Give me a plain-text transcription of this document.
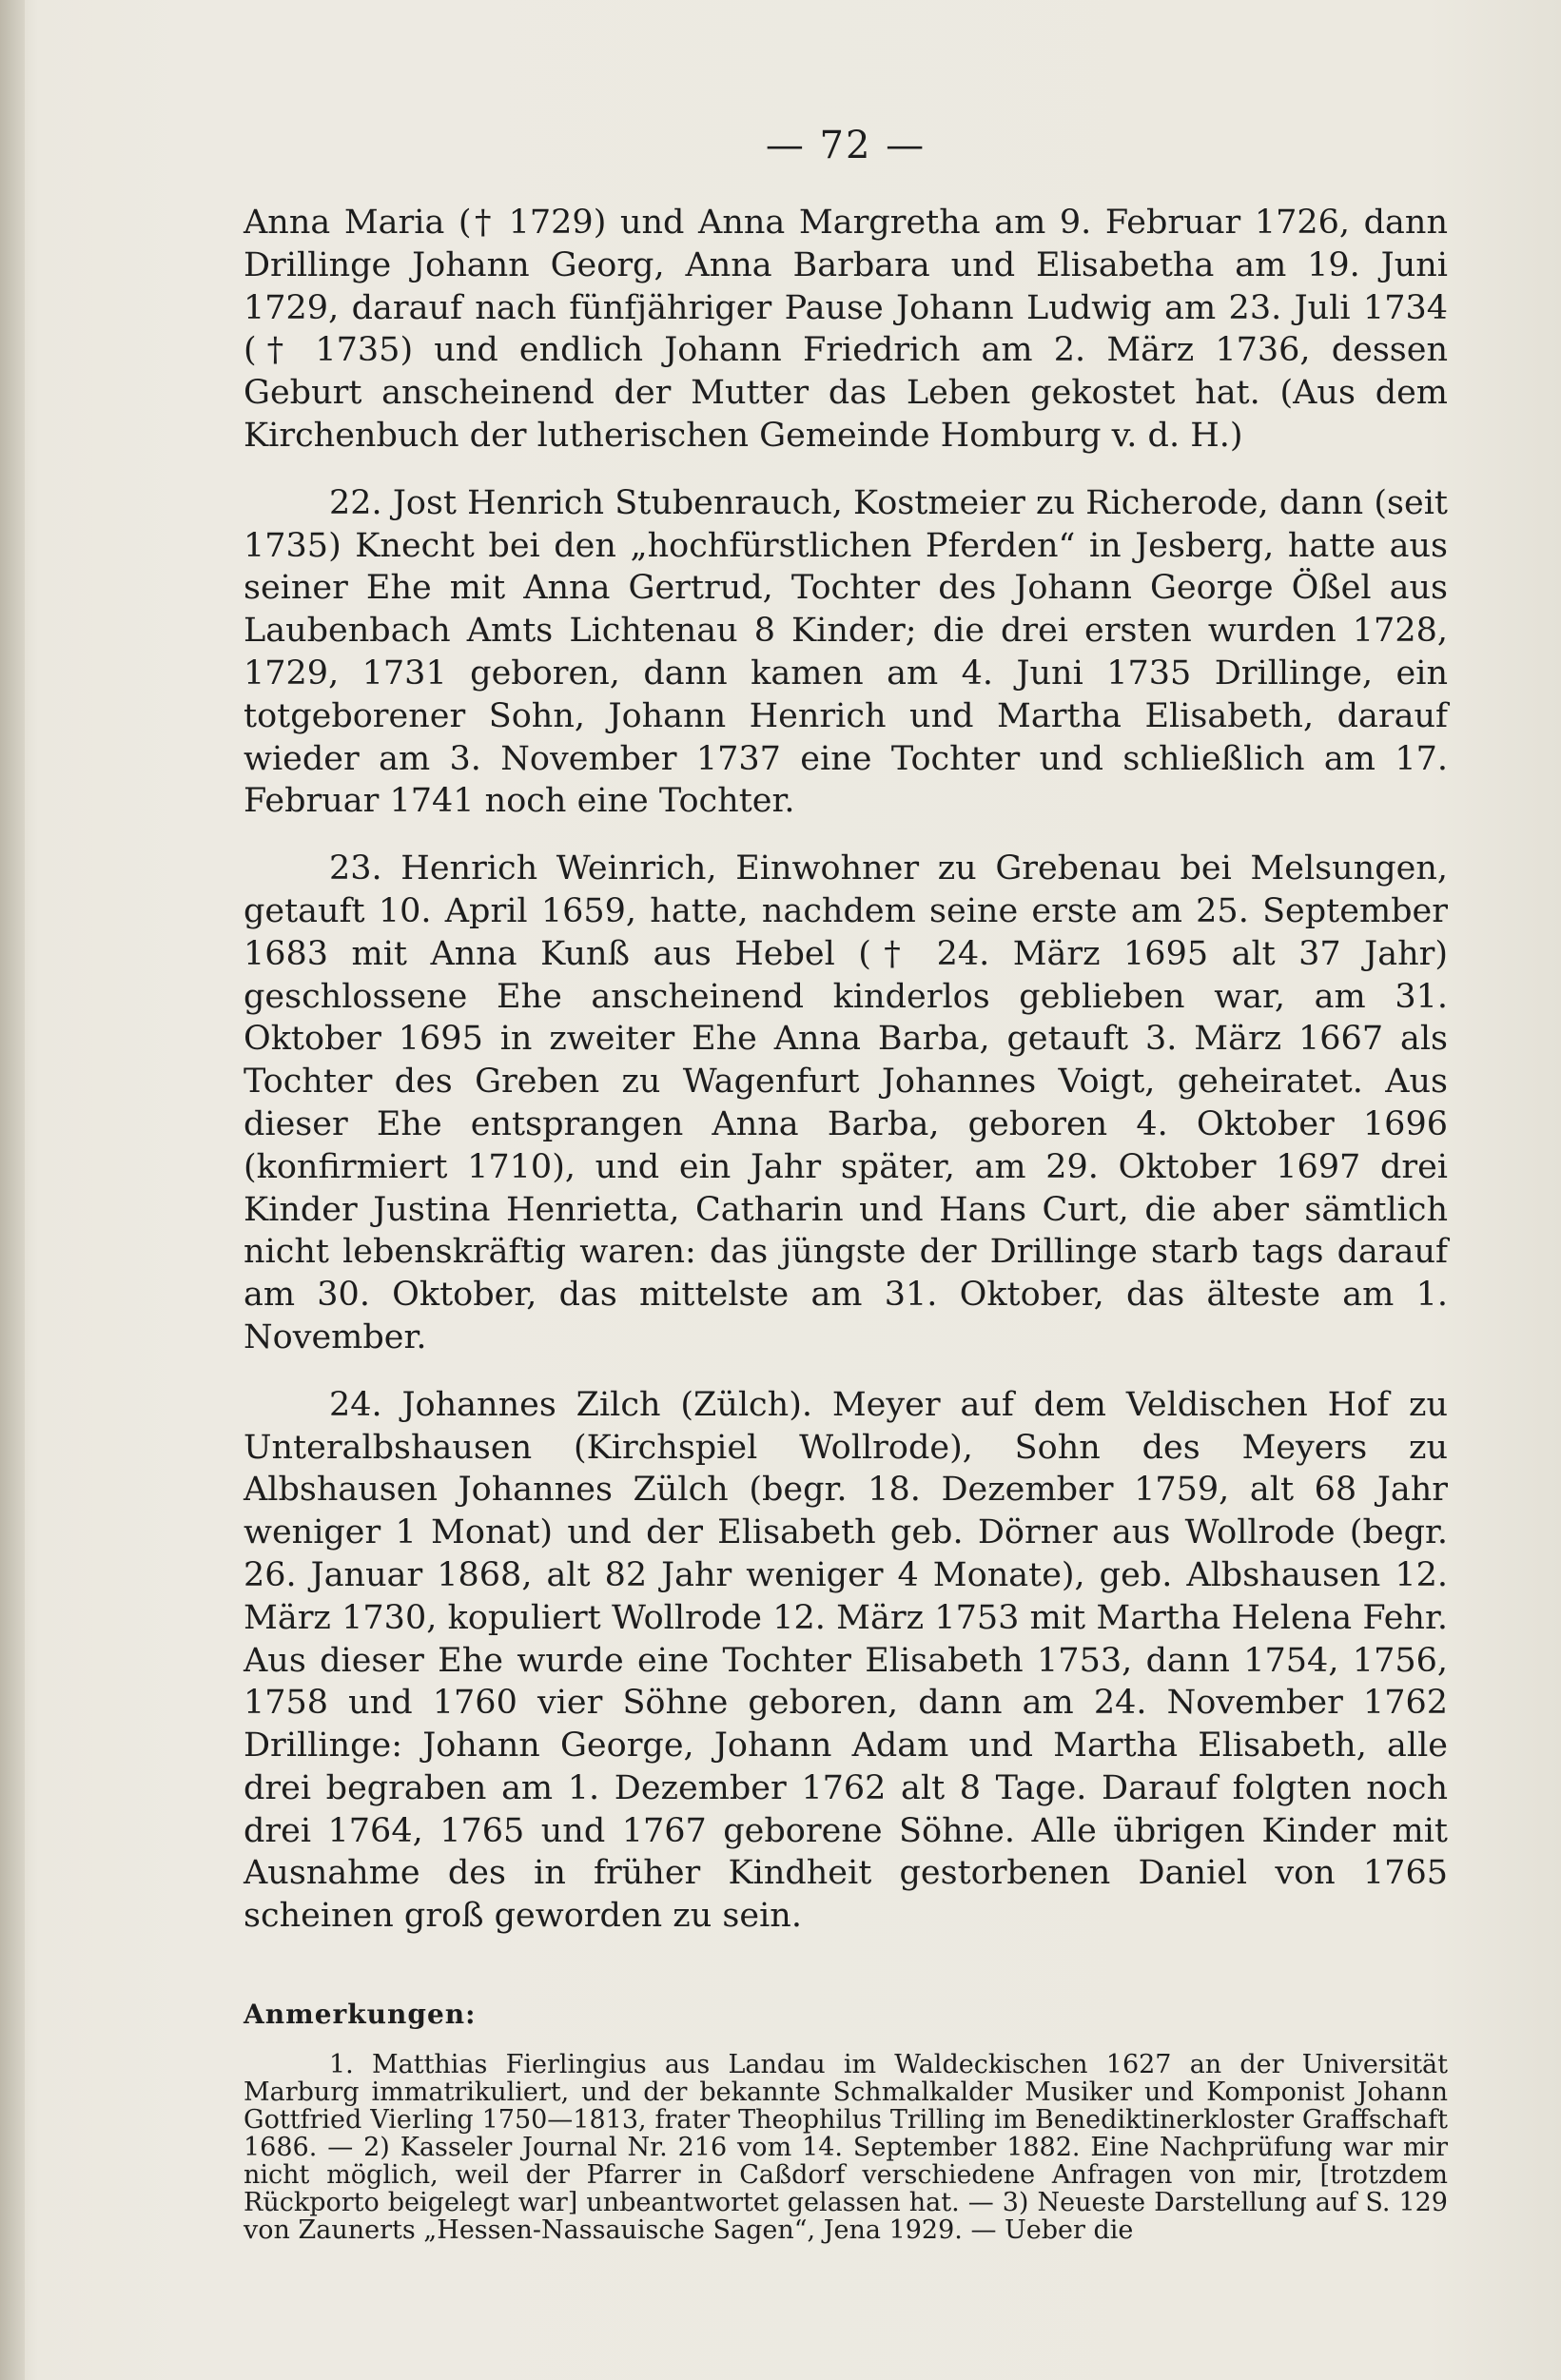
— 72 —

Anna Maria († 1729) und Anna Margretha am 9. Februar 1726, dann Drillinge Johann Georg, Anna Barbara und Elisabetha am 19. Juni 1729, darauf nach fünfjähriger Pause Johann Ludwig am 23. Juli 1734 († 1735) und endlich Johann Friedrich am 2. März 1736, dessen Geburt anscheinend der Mutter das Leben gekostet hat. (Aus dem Kirchenbuch der lutherischen Gemeinde Homburg v. d. H.)

22. Jost Henrich Stubenrauch, Kostmeier zu Richerode, dann (seit 1735) Knecht bei den „hochfürstlichen Pferden“ in Jesberg, hatte aus seiner Ehe mit Anna Gertrud, Tochter des Johann George Ößel aus Laubenbach Amts Lichtenau 8 Kinder; die drei ersten wurden 1728, 1729, 1731 geboren, dann kamen am 4. Juni 1735 Drillinge, ein totgeborener Sohn, Johann Henrich und Martha Elisabeth, darauf wieder am 3. November 1737 eine Tochter und schließlich am 17. Februar 1741 noch eine Tochter.

23. Henrich Weinrich, Einwohner zu Grebenau bei Melsungen, getauft 10. April 1659, hatte, nachdem seine erste am 25. September 1683 mit Anna Kunß aus Hebel († 24. März 1695 alt 37 Jahr) geschlossene Ehe anscheinend kinderlos geblieben war, am 31. Oktober 1695 in zweiter Ehe Anna Barba, getauft 3. März 1667 als Tochter des Greben zu Wagenfurt Johannes Voigt, geheiratet. Aus dieser Ehe entsprangen Anna Barba, geboren 4. Oktober 1696 (konfirmiert 1710), und ein Jahr später, am 29. Oktober 1697 drei Kinder Justina Henrietta, Catharin und Hans Curt, die aber sämtlich nicht lebenskräftig waren: das jüngste der Drillinge starb tags darauf am 30. Oktober, das mittelste am 31. Oktober, das älteste am 1. November.

24. Johannes Zilch (Zülch). Meyer auf dem Veldischen Hof zu Unteralbshausen (Kirchspiel Wollrode), Sohn des Meyers zu Albshausen Johannes Zülch (begr. 18. Dezember 1759, alt 68 Jahr weniger 1 Monat) und der Elisabeth geb. Dörner aus Wollrode (begr. 26. Januar 1868, alt 82 Jahr weniger 4 Monate), geb. Albshausen 12. März 1730, kopuliert Wollrode 12. März 1753 mit Martha Helena Fehr. Aus dieser Ehe wurde eine Tochter Elisabeth 1753, dann 1754, 1756, 1758 und 1760 vier Söhne geboren, dann am 24. November 1762 Drillinge: Johann George, Johann Adam und Martha Elisabeth, alle drei begraben am 1. Dezember 1762 alt 8 Tage. Darauf folgten noch drei 1764, 1765 und 1767 geborene Söhne. Alle übrigen Kinder mit Ausnahme des in früher Kindheit gestorbenen Daniel von 1765 scheinen groß geworden zu sein.

Anmerkungen:

1. Matthias Fierlingius aus Landau im Waldeckischen 1627 an der Universität Marburg immatrikuliert, und der bekannte Schmalkalder Musiker und Komponist Johann Gottfried Vierling 1750—1813, frater Theophilus Trilling im Benediktinerkloster Graffschaft 1686. — 2) Kasseler Journal Nr. 216 vom 14. September 1882. Eine Nachprüfung war mir nicht möglich, weil der Pfarrer in Caßdorf verschiedene Anfragen von mir, [trotzdem Rückporto beigelegt war] unbeantwortet gelassen hat. — 3) Neueste Darstellung auf S. 129 von Zaunerts „Hessen-Nassauische Sagen“, Jena 1929. — Ueber die
